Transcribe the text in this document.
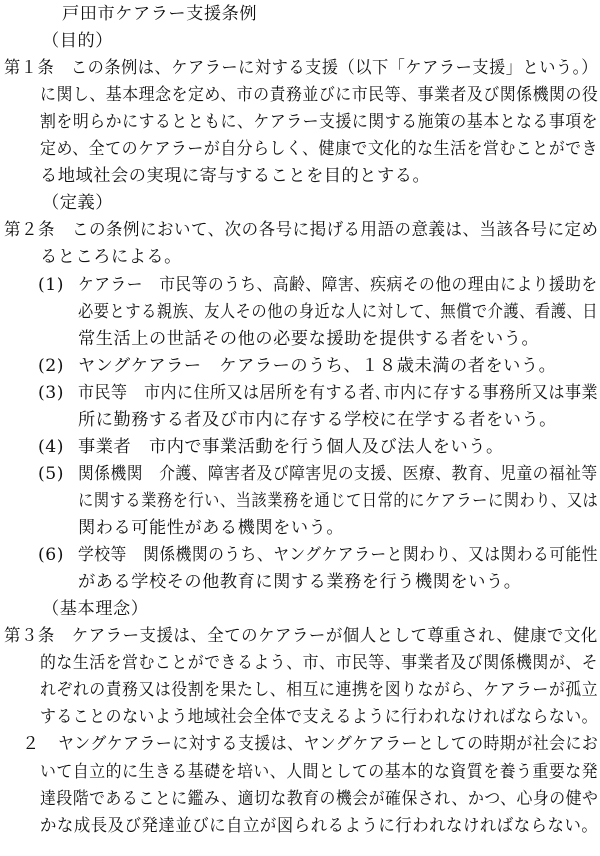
戸田市ケアラー支援条例
（目的）
第１条　この条例は、ケアラーに対する支援（以下「ケアラー支援」という。）
に関し、基本理念を定め、市の責務並びに市民等、事業者及び関係機関の役
割を明らかにするとともに、ケアラー支援に関する施策の基本となる事項を
定め、全てのケアラーが自分らしく、健康で文化的な生活を営むことができ
る地域社会の実現に寄与することを目的とする。
（定義）
第２条　この条例において、次の各号に掲げる用語の意義は、当該各号に定め
るところによる。
(1) ケアラー　市民等のうち、高齢、障害、疾病その他の理由により援助を
必要とする親族、友人その他の身近な人に対して、無償で介護、看護、日
常生活上の世話その他の必要な援助を提供する者をいう。
(2) ヤングケアラー　ケアラーのうち、１８歳未満の者をいう。
(3) 市民等　市内に住所又は居所を有する者､市内に存する事務所又は事業
所に勤務する者及び市内に存する学校に在学する者をいう。
(4) 事業者　市内で事業活動を行う個人及び法人をいう。
(5) 関係機関　介護、障害者及び障害児の支援、医療、教育、児童の福祉等
に関する業務を行い、当該業務を通じて日常的にケアラーに関わり、又は
関わる可能性がある機関をいう。
(6) 学校等　関係機関のうち、ヤングケアラーと関わり、又は関わる可能性
がある学校その他教育に関する業務を行う機関をいう。
（基本理念）
第３条　ケアラー支援は、全てのケアラーが個人として尊重され、健康で文化
的な生活を営むことができるよう、市、市民等、事業者及び関係機関が、そ
れぞれの責務又は役割を果たし、相互に連携を図りながら、ケアラーが孤立
することのないよう地域社会全体で支えるように行われなければならない。
２ ヤングケアラーに対する支援は、ヤングケアラーとしての時期が社会にお
いて自立的に生きる基礎を培い、人間としての基本的な資質を養う重要な発
達段階であることに鑑み、適切な教育の機会が確保され、かつ、心身の健や
かな成長及び発達並びに自立が図られるように行われなければならない。
